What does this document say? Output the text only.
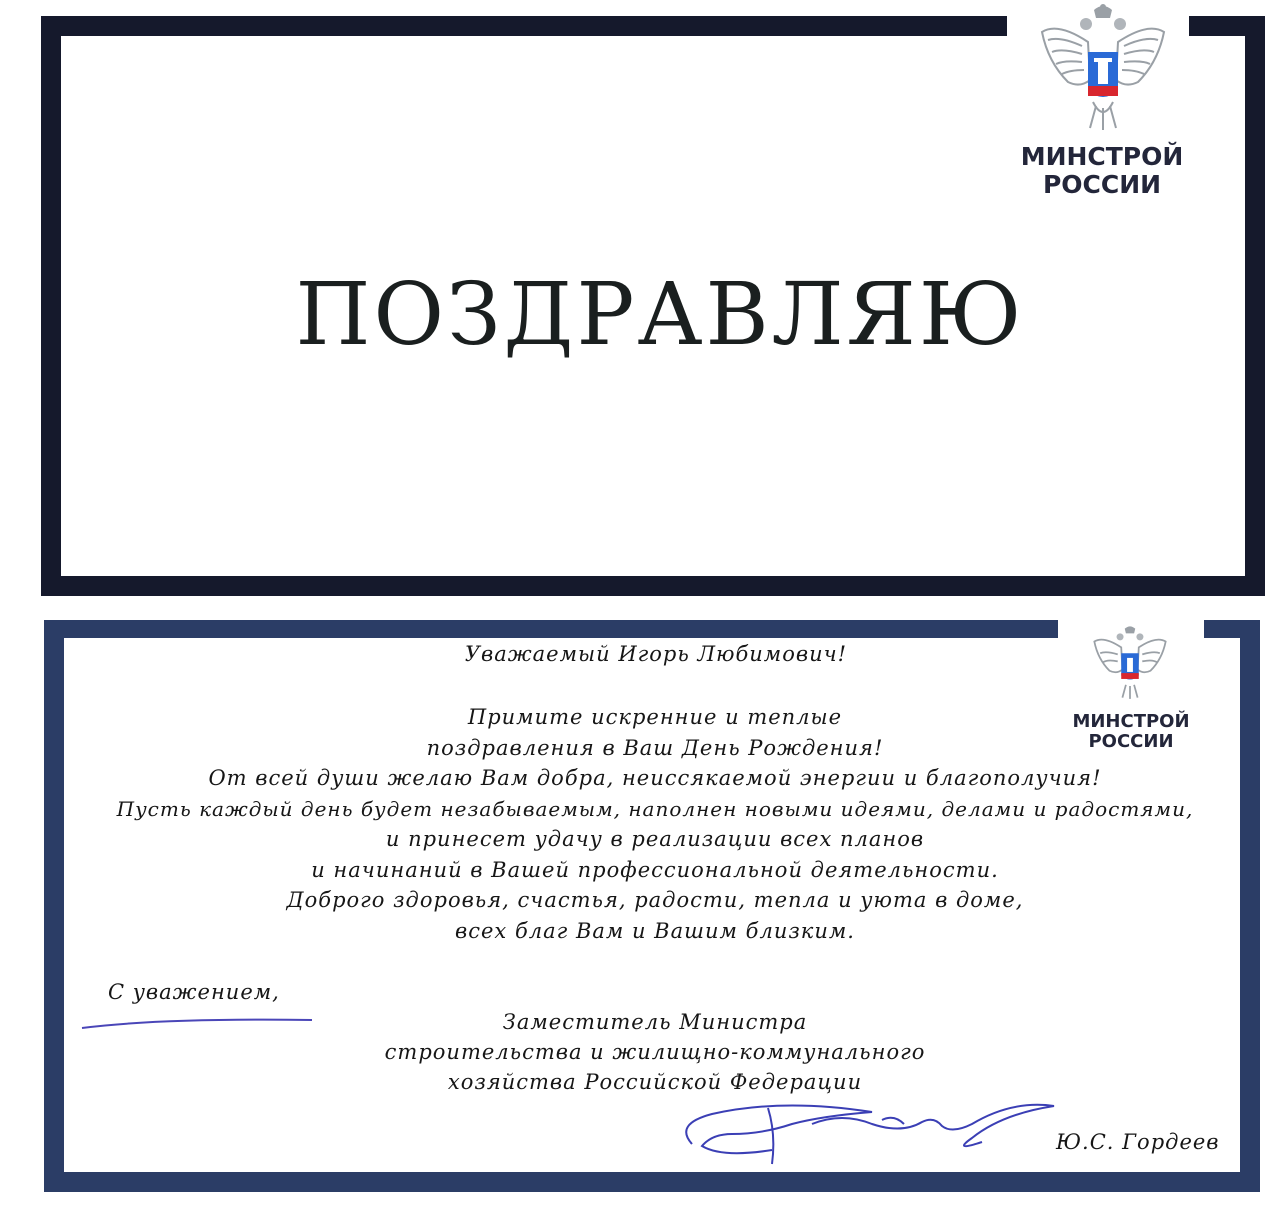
ПОЗДРАВЛЯЮ
МИНСТРОЙ
РОССИИ
МИНСТРОЙ
РОССИИ
Уважаемый Игорь Любимович!

Примите искренние и теплые

поздравления в Ваш День Рождения!

От всей души желаю Вам добра, неиссякаемой энергии и благополучия!

Пусть каждый день будет незабываемым, наполнен новыми идеями, делами и радостями,

и принесет удачу в реализации всех планов

и начинаний в Вашей профессиональной деятельности.

Доброго здоровья, счастья, радости, тепла и уюта в доме,

всех благ Вам и Вашим близким.

С уважением,

Заместитель Министра

строительства и жилищно-коммунального

хозяйства Российской Федерации

Ю.С. Гордеев
